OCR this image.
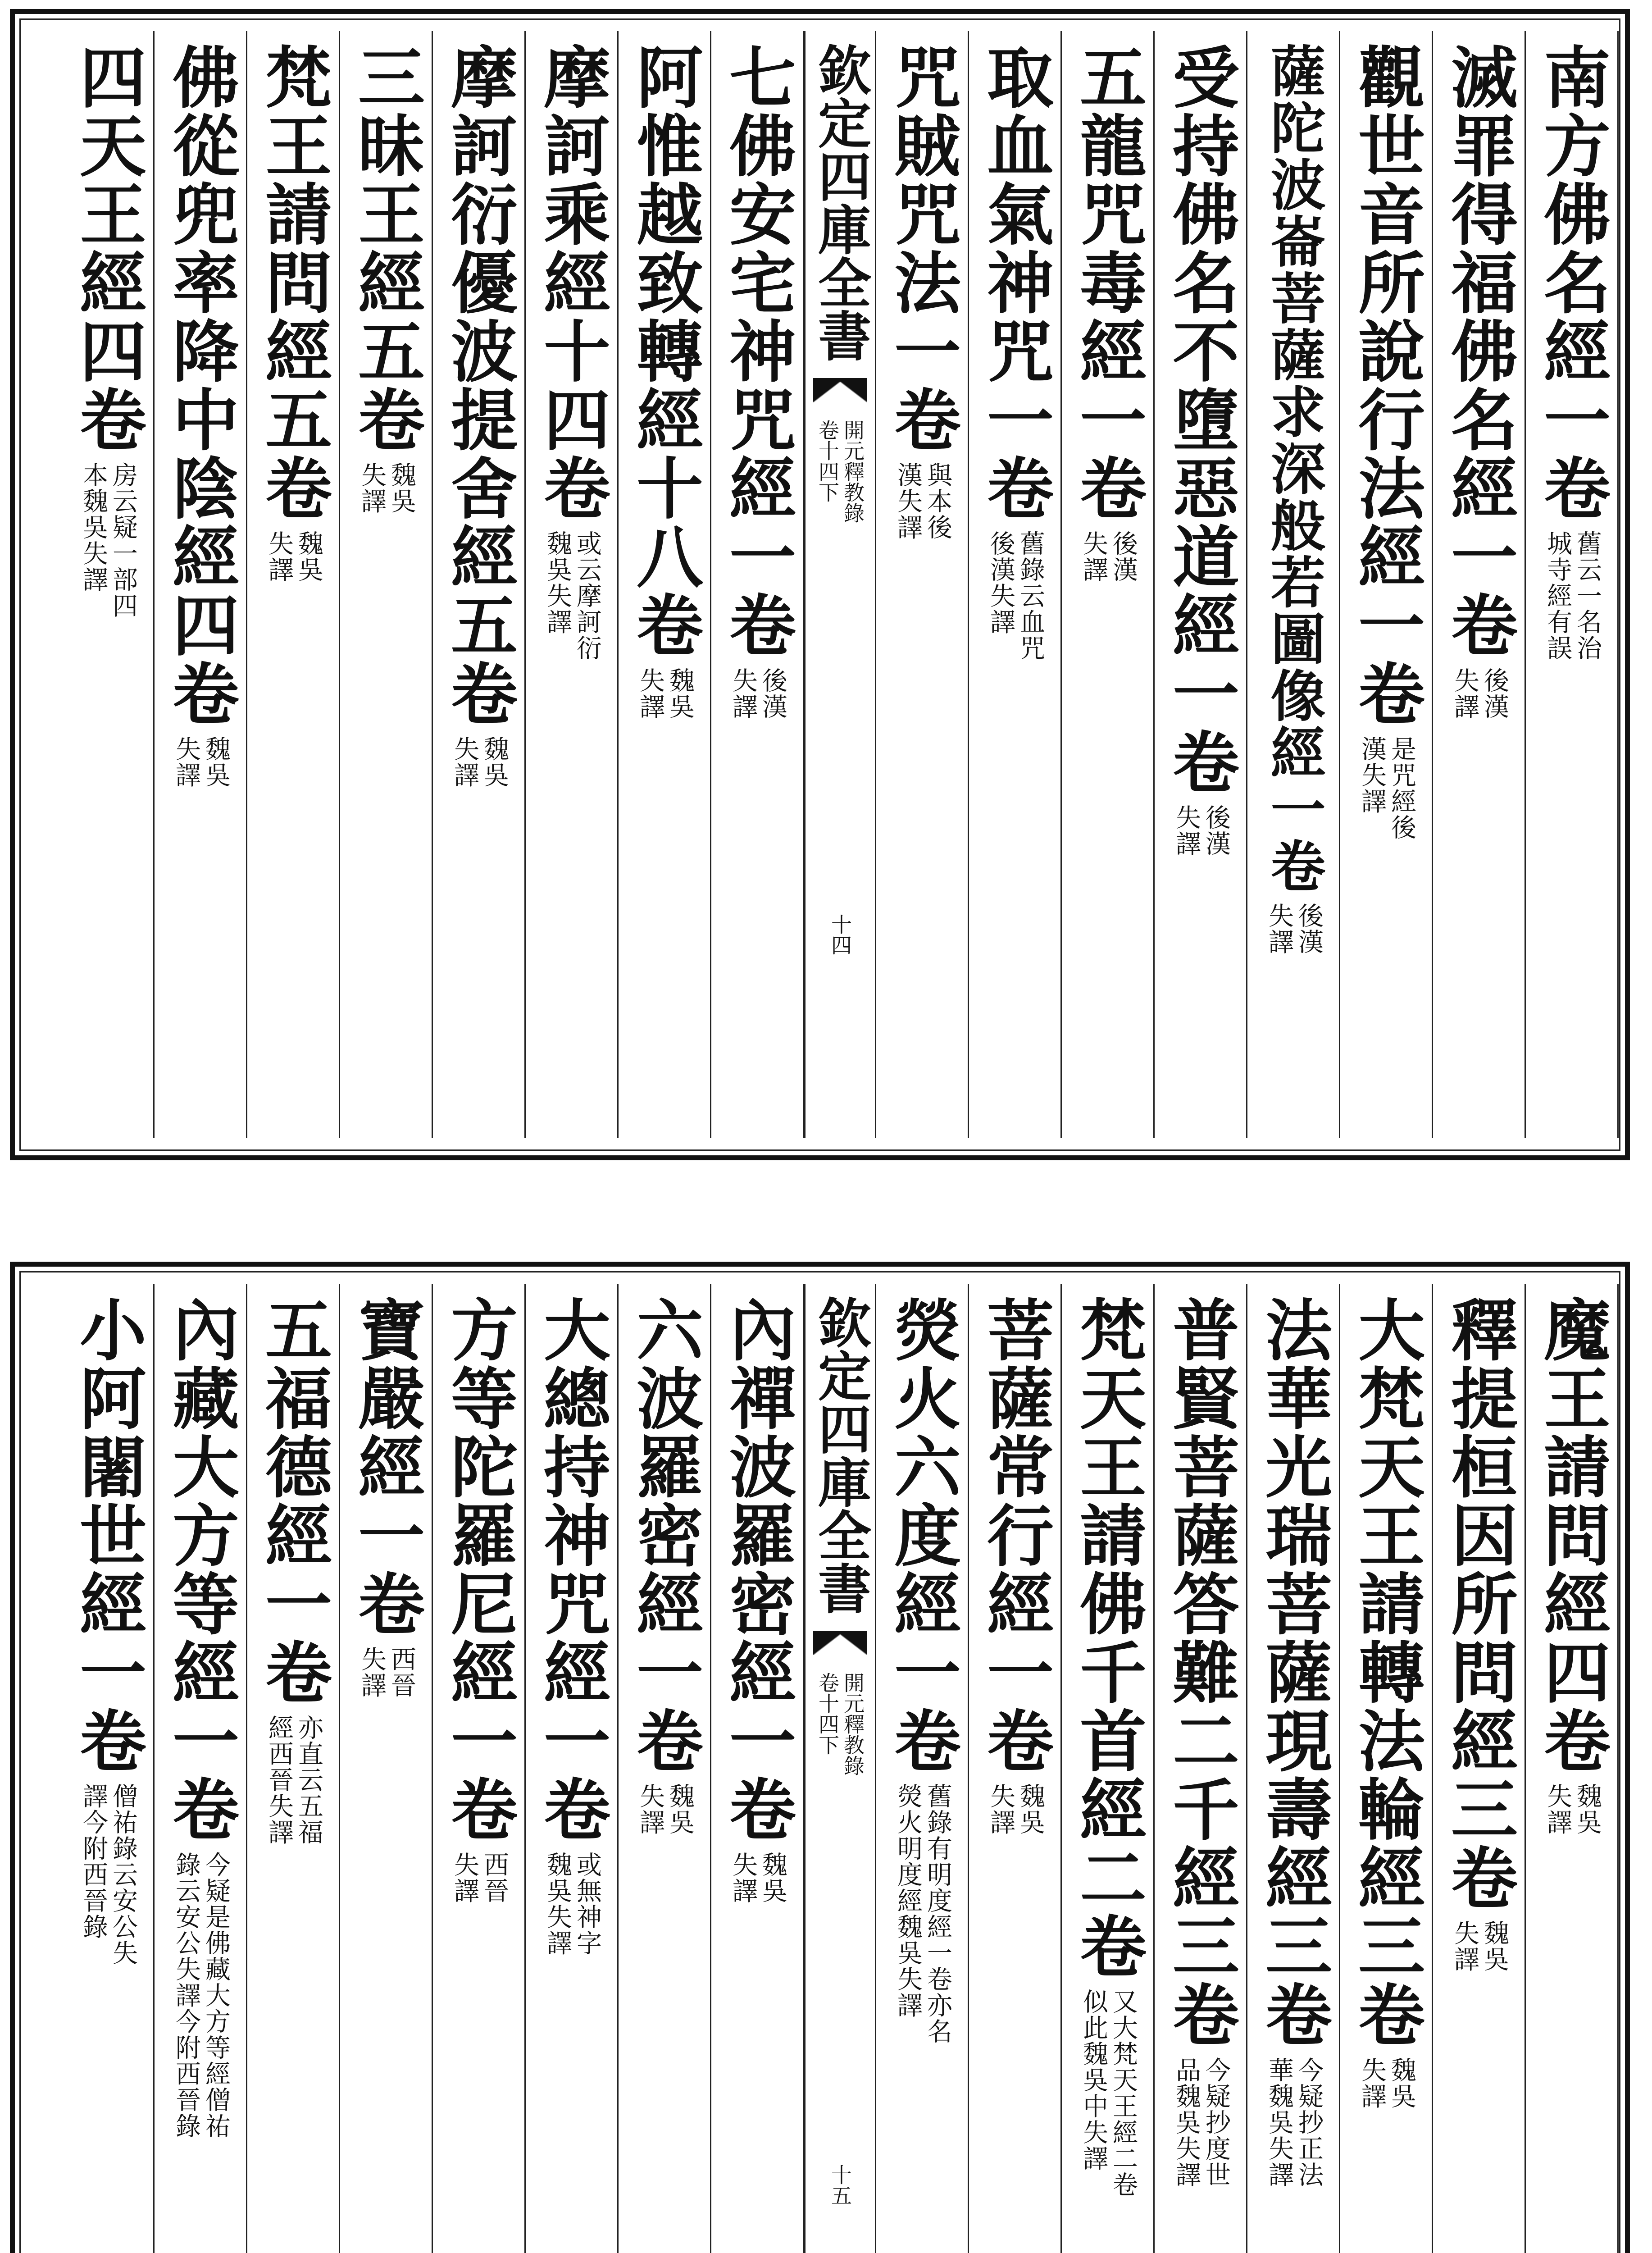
南方佛名經一卷
舊云一名治
城寺經有誤
滅罪得福佛名經一卷
後漢
失譯
觀世音所說行法經一卷
是咒經後
漢失譯
薩陀波崙菩薩求深般若圖像經一卷
後漢
失譯
受持佛名不墮惡道經一卷
後漢
失譯
五龍咒毒經一卷
後漢
失譯
取血氣神咒一卷
舊錄云血咒
後漢失譯
咒賊咒法一卷
與本後
漢失譯
欽定四庫全書
開元釋教錄
卷十四下
十四
七佛安宅神咒經一卷
後漢
失譯
阿惟越致轉經十八卷
魏吳
失譯
摩訶乘經十四卷
或云摩訶衍
魏吳失譯
摩訶衍優波提舍經五卷
魏吳
失譯
三昧王經五卷
魏吳
失譯
梵王請問經五卷
魏吳
失譯
佛從兜率降中陰經四卷
魏吳
失譯
四天王經四卷
房云疑一部四
本魏吳失譯
魔王請問經四卷
魏吳
失譯
釋提桓因所問經三卷
魏吳
失譯
大梵天王請轉法輪經三卷
魏吳
失譯
法華光瑞菩薩現壽經三卷
今疑抄正法
華魏吳失譯
普賢菩薩答難二千經三卷
今疑抄度世
品魏吳失譯
梵天王請佛千首經二卷
又大梵天王經二卷
似此魏吳中失譯
菩薩常行經一卷
魏吳
失譯
熒火六度經一卷
舊錄有明度經一卷亦名
熒火明度經魏吳失譯
欽定四庫全書
開元釋教錄
卷十四下
十五
內禪波羅密經一卷
魏吳
失譯
六波羅密經一卷
魏吳
失譯
大總持神咒經一卷
或無神字
魏吳失譯
方等陀羅尼經一卷
西晉
失譯
寶嚴經一卷
西晉
失譯
五福德經一卷
亦直云五福
經西晉失譯
內藏大方等經一卷
今疑是佛藏大方等經僧祐
錄云安公失譯今附西晉錄
小阿闍世經一卷
僧祐錄云安公失
譯今附西晉錄
